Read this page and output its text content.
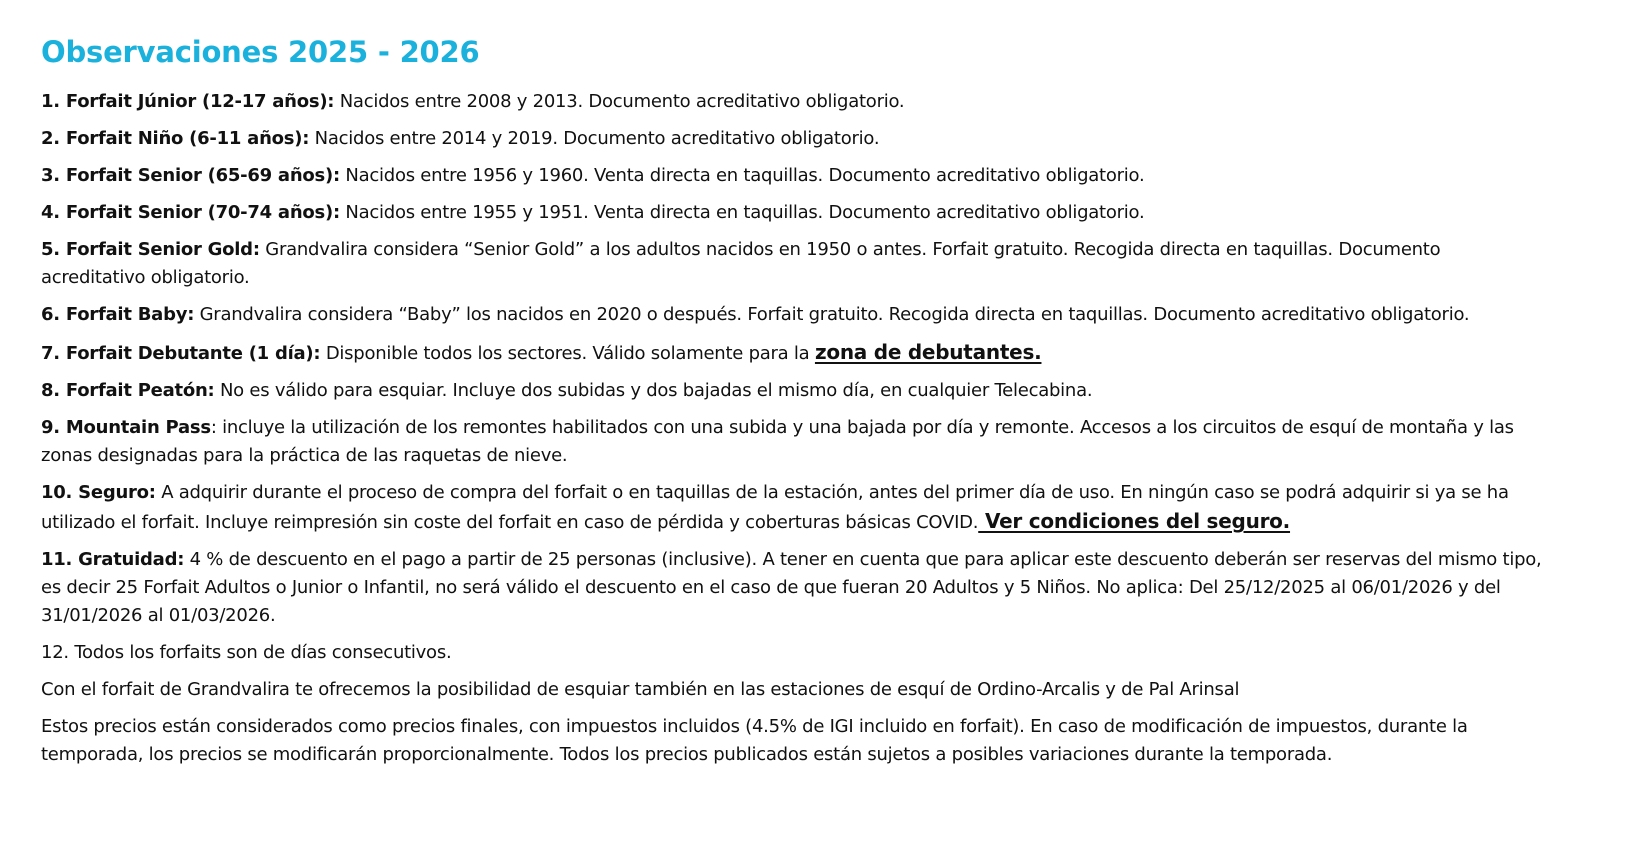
Observaciones 2025 - 2026

1. Forfait Júnior (12-17 años): Nacidos entre 2008 y 2013. Documento acreditativo obligatorio.

2. Forfait Niño (6-11 años): Nacidos entre 2014 y 2019. Documento acreditativo obligatorio.

3. Forfait Senior (65-69 años): Nacidos entre 1956 y 1960. Venta directa en taquillas. Documento acreditativo obligatorio.

4. Forfait Senior (70-74 años): Nacidos entre 1955 y 1951. Venta directa en taquillas. Documento acreditativo obligatorio.

5. Forfait Senior Gold: Grandvalira considera “Senior Gold” a los adultos nacidos en 1950 o antes. Forfait gratuito. Recogida directa en taquillas. Documento acreditativo obligatorio.

6. Forfait Baby: Grandvalira considera “Baby” los nacidos en 2020 o después. Forfait gratuito. Recogida directa en taquillas. Documento acreditativo obligatorio.

7. Forfait Debutante (1 día): Disponible todos los sectores. Válido solamente para la zona de debutantes.

8. Forfait Peatón: No es válido para esquiar. Incluye dos subidas y dos bajadas el mismo día, en cualquier Telecabina.

9. Mountain Pass: incluye la utilización de los remontes habilitados con una subida y una bajada por día y remonte. Accesos a los circuitos de esquí de montaña y las zonas designadas para la práctica de las raquetas de nieve.

10. Seguro: A adquirir durante el proceso de compra del forfait o en taquillas de la estación, antes del primer día de uso. En ningún caso se podrá adquirir si ya se ha utilizado el forfait. Incluye reimpresión sin coste del forfait en caso de pérdida y coberturas básicas COVID. Ver condiciones del seguro.

11. Gratuidad: 4 % de descuento en el pago a partir de 25 personas (inclusive). A tener en cuenta que para aplicar este descuento deberán ser reservas del mismo tipo, es decir 25 Forfait Adultos o Junior o Infantil, no será válido el descuento en el caso de que fueran 20 Adultos y 5 Niños. No aplica: Del 25/12/2025 al 06/01/2026 y del 31/01/2026 al 01/03/2026.

12. Todos los forfaits son de días consecutivos.

Con el forfait de Grandvalira te ofrecemos la posibilidad de esquiar también en las estaciones de esquí de Ordino-Arcalis y de Pal Arinsal

Estos precios están considerados como precios finales, con impuestos incluidos (4.5% de IGI incluido en forfait). En caso de modificación de impuestos, durante la temporada, los precios se modificarán proporcionalmente. Todos los precios publicados están sujetos a posibles variaciones durante la temporada.
